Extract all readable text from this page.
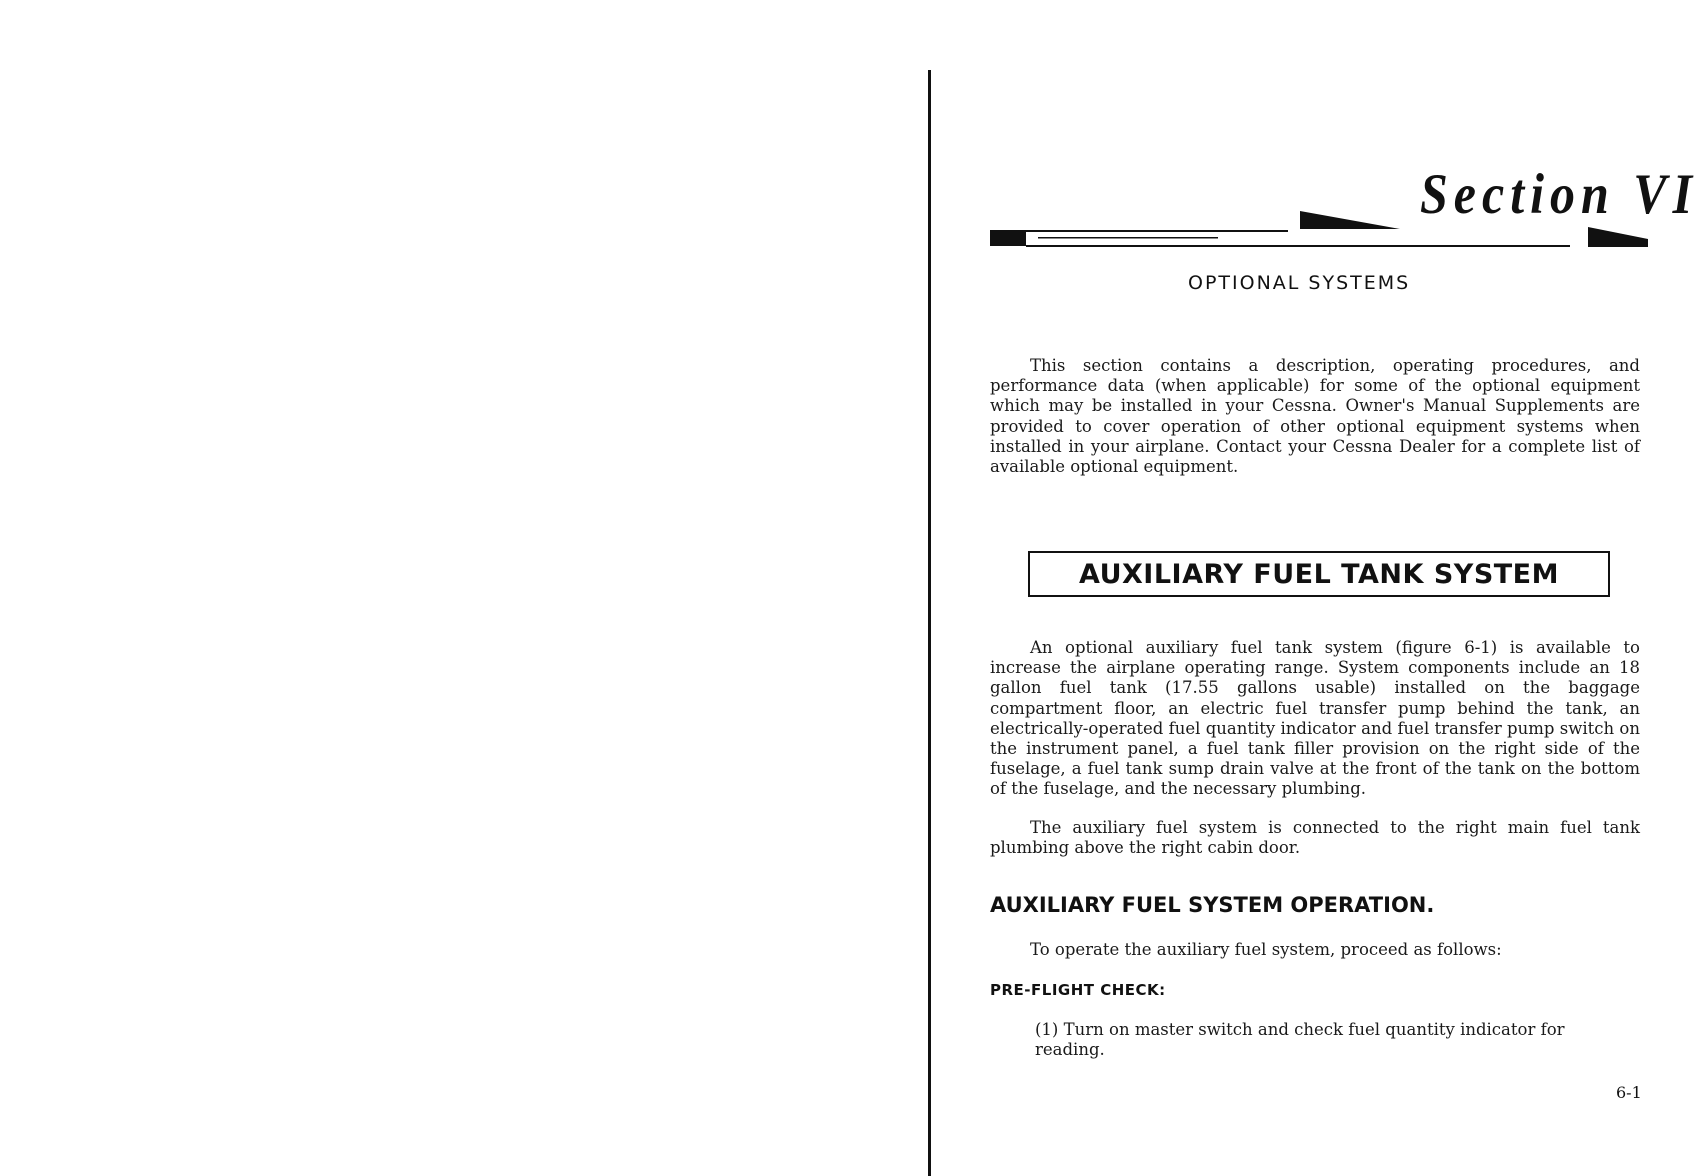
Section VI
OPTIONAL SYSTEMS

This section contains a description, operating procedures, and performance data (when applicable) for some of the optional equipment which may be installed in your Cessna. Owner's Manual Supplements are provided to cover operation of other optional equipment systems when installed in your airplane. Contact your Cessna Dealer for a complete list of available optional equipment.

AUXILIARY FUEL TANK SYSTEM

An optional auxiliary fuel tank system (figure 6-1) is available to increase the airplane operating range. System components include an 18 gallon fuel tank (17.55 gallons usable) installed on the baggage compartment floor, an electric fuel transfer pump behind the tank, an electrically-operated fuel quantity indicator and fuel transfer pump switch on the instrument panel, a fuel tank filler provision on the right side of the fuselage, a fuel tank sump drain valve at the front of the tank on the bottom of the fuselage, and the necessary plumbing.

The auxiliary fuel system is connected to the right main fuel tank plumbing above the right cabin door.

AUXILIARY FUEL SYSTEM OPERATION.

To operate the auxiliary fuel system, proceed as follows:

PRE-FLIGHT CHECK:

(1) Turn on master switch and check fuel quantity indicator for reading.

6-1
